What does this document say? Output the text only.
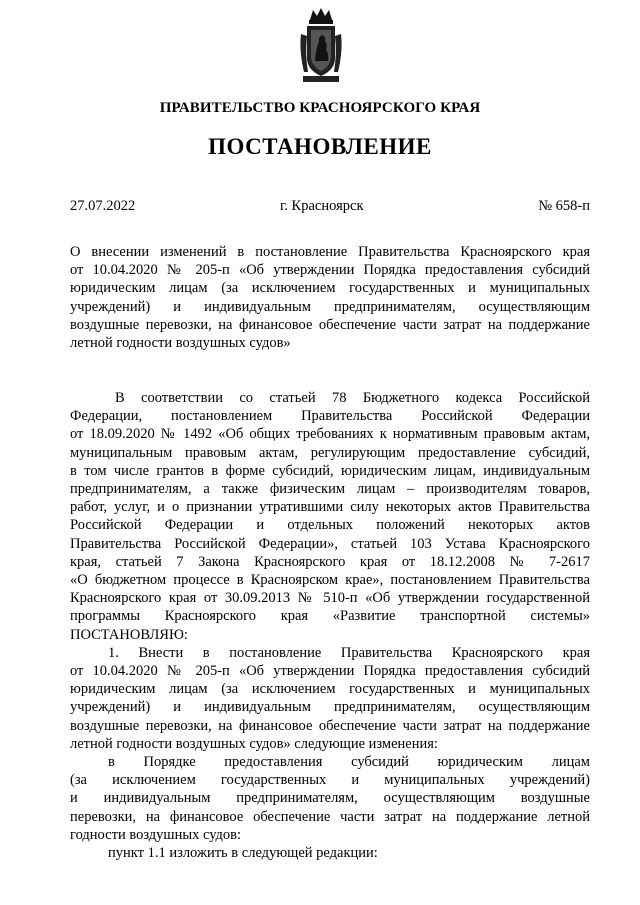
ПРАВИТЕЛЬСТВО КРАСНОЯРСКОГО КРАЯ
ПОСТАНОВЛЕНИЕ
27.07.2022	г. Красноярск	№ 658-п
О внесении изменений в постановление Правительства Красноярского края
от 10.04.2020 № 205-п «Об утверждении Порядка предоставления субсидий
юридическим лицам (за исключением государственных и муниципальных
учреждений) и индивидуальным предпринимателям, осуществляющим
воздушные перевозки, на финансовое обеспечение части затрат на поддержание
летной годности воздушных судов»
В соответствии со статьей 78 Бюджетного кодекса Российской
Федерации, постановлением Правительства Российской Федерации
от 18.09.2020 № 1492 «Об общих требованиях к нормативным правовым актам,
муниципальным правовым актам, регулирующим предоставление субсидий,
в том числе грантов в форме субсидий, юридическим лицам, индивидуальным
предпринимателям, а также физическим лицам – производителям товаров,
работ, услуг, и о признании утратившими силу некоторых актов Правительства
Российской Федерации и отдельных положений некоторых актов
Правительства Российской Федерации», статьей 103 Устава Красноярского
края, статьей 7 Закона Красноярского края от 18.12.2008 № 7-2617
«О бюджетном процессе в Красноярском крае», постановлением Правительства
Красноярского края от 30.09.2013 № 510-п «Об утверждении государственной
программы Красноярского края «Развитие транспортной системы»
ПОСТАНОВЛЯЮ:
1. Внести в постановление Правительства Красноярского края
от 10.04.2020 № 205-п «Об утверждении Порядка предоставления субсидий
юридическим лицам (за исключением государственных и муниципальных
учреждений) и индивидуальным предпринимателям, осуществляющим
воздушные перевозки, на финансовое обеспечение части затрат на поддержание
летной годности воздушных судов» следующие изменения:
в Порядке предоставления субсидий юридическим лицам
(за исключением государственных и муниципальных учреждений)
и индивидуальным предпринимателям, осуществляющим воздушные
перевозки, на финансовое обеспечение части затрат на поддержание летной
годности воздушных судов:
пункт 1.1 изложить в следующей редакции:
